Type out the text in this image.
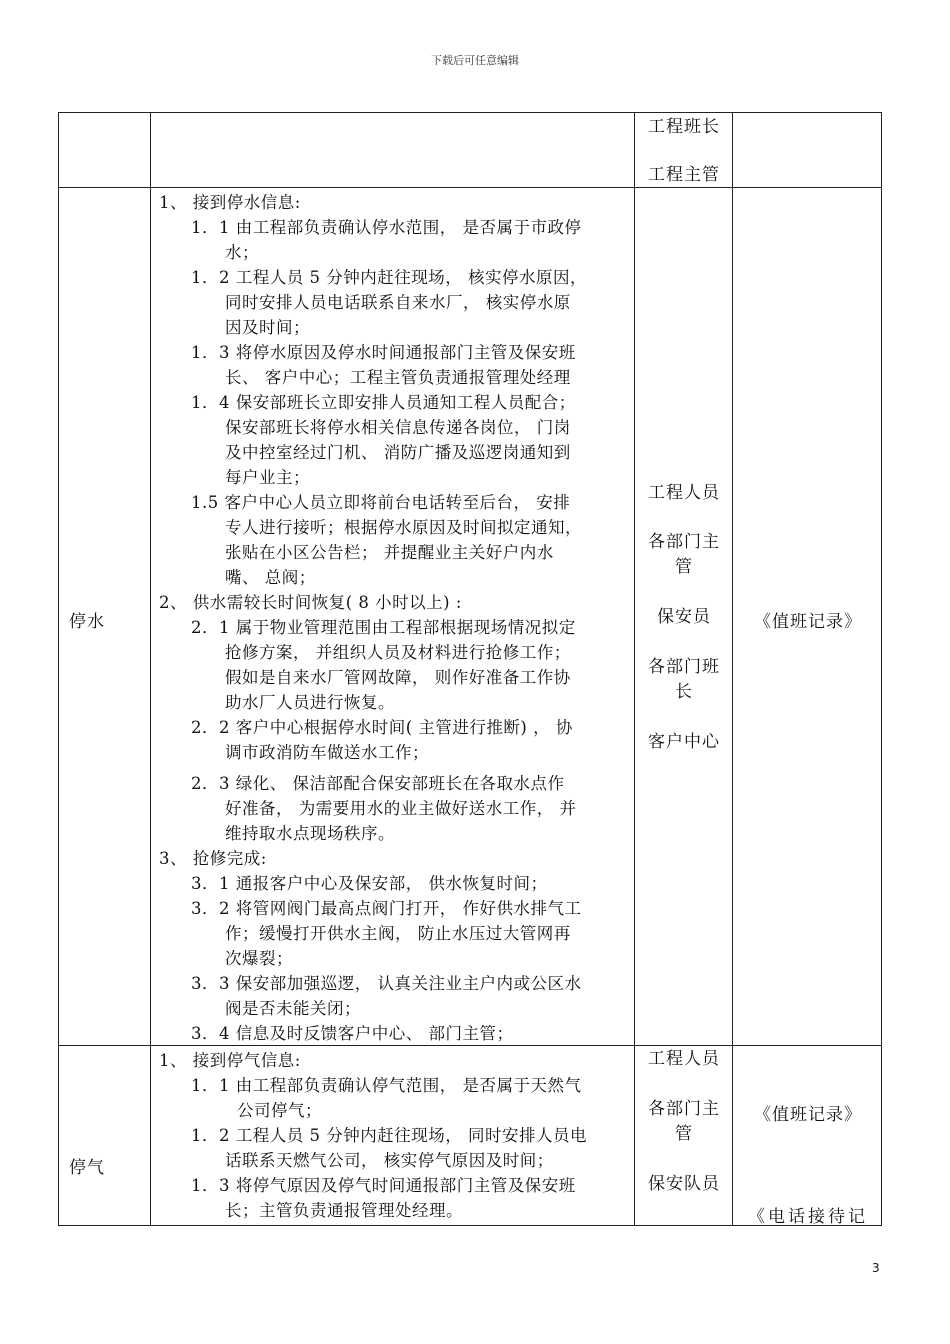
下载后可任意编辑
工程班长
工程主管
停水
1、 接到停水信息:
1．1 由工程部负责确认停水范围， 是否属于市政停
水；
1．2 工程人员 5 分钟内赶往现场， 核实停水原因，
同时安排人员电话联系自来水厂， 核实停水原
因及时间；
1．3 将停水原因及停水时间通报部门主管及保安班
长、 客户中心；工程主管负责通报管理处经理
1．4 保安部班长立即安排人员通知工程人员配合；
保安部班长将停水相关信息传递各岗位， 门岗
及中控室经过门机、 消防广播及巡逻岗通知到
每户业主；
1.5 客户中心人员立即将前台电话转至后台， 安排
专人进行接听；根据停水原因及时间拟定通知，
张贴在小区公告栏； 并提醒业主关好户内水
嘴、 总阀；
2、 供水需较长时间恢复( 8 小时以上) :
2．1 属于物业管理范围由工程部根据现场情况拟定
抢修方案， 并组织人员及材料进行抢修工作；
假如是自来水厂管网故障， 则作好准备工作协
助水厂人员进行恢复。
2．2 客户中心根据停水时间( 主管进行推断) ， 协
调市政消防车做送水工作；
2．3 绿化、 保洁部配合保安部班长在各取水点作
好准备， 为需要用水的业主做好送水工作， 并
维持取水点现场秩序。
3、 抢修完成:
3．1 通报客户中心及保安部， 供水恢复时间；
3．2 将管网阀门最高点阀门打开， 作好供水排气工
作；缓慢打开供水主阀， 防止水压过大管网再
次爆裂；
3．3 保安部加强巡逻， 认真关注业主户内或公区水
阀是否未能关闭；
3．4 信息及时反馈客户中心、 部门主管；
工程人员
各部门主
管
保安员
各部门班
长
客户中心
《值班记录》
停气
1、 接到停气信息:
1．1 由工程部负责确认停气范围， 是否属于天然气
公司停气；
1．2 工程人员 5 分钟内赶往现场， 同时安排人员电
话联系天燃气公司， 核实停气原因及时间；
1．3 将停气原因及停气时间通报部门主管及保安班
长；主管负责通报管理处经理。
工程人员
各部门主
管
保安队员
《值班记录》
《电话接待记
3
